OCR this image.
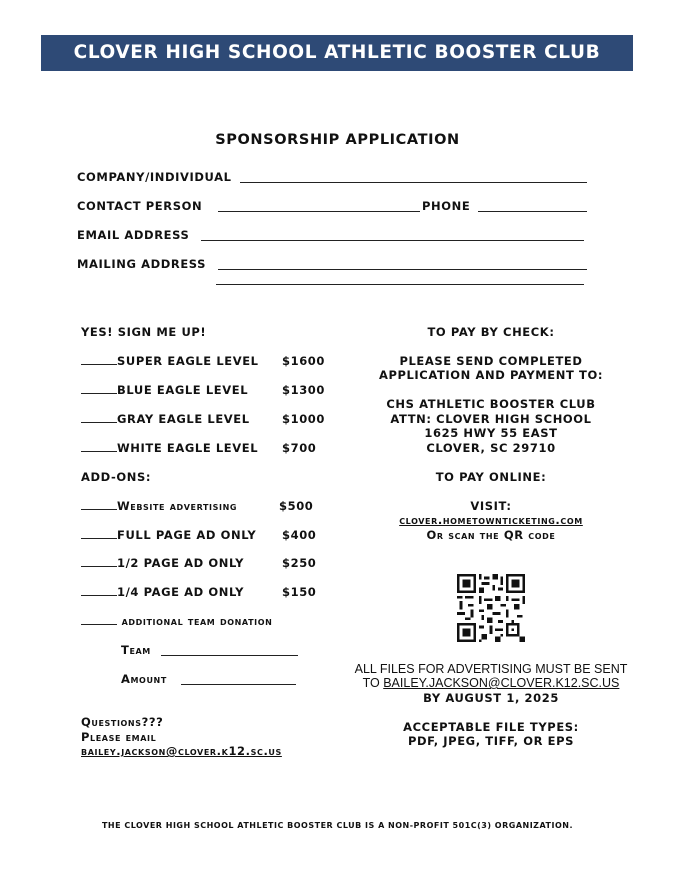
CLOVER HIGH SCHOOL ATHLETIC BOOSTER CLUB
SPONSORSHIP APPLICATION
COMPANY/INDIVIDUAL
CONTACT PERSON	PHONE
EMAIL ADDRESS
MAILING ADDRESS
YES! SIGN ME UP!
SUPER EAGLE LEVEL $1600
BLUE EAGLE LEVEL	$1300
GRAY EAGLE LEVEL	$1000
WHITE EAGLE LEVEL $700
ADD-ONS:
Website advertising	$500
FULL PAGE AD ONLY $400
1/2 PAGE AD ONLY	$250
1/4 PAGE AD ONLY	$150
additional team donation
Team
Amount
Questions???
Please email
bailey.jackson@clover.k12.sc.us
TO PAY BY CHECK:
PLEASE SEND COMPLETED
APPLICATION AND PAYMENT TO:
CHS ATHLETIC BOOSTER CLUB
ATTN: CLOVER HIGH SCHOOL
1625 HWY 55 EAST
CLOVER, SC 29710
TO PAY ONLINE:
VISIT:
clover.hometownticketing.com
Or scan the QR code
ALL FILES FOR ADVERTISING MUST BE SENT
TO BAILEY.JACKSON@CLOVER.K12.SC.US
BY AUGUST 1, 2025
ACCEPTABLE FILE TYPES:
PDF, JPEG, TIFF, OR EPS
THE CLOVER HIGH SCHOOL ATHLETIC BOOSTER CLUB IS A NON-PROFIT 501C(3) ORGANIZATION.
